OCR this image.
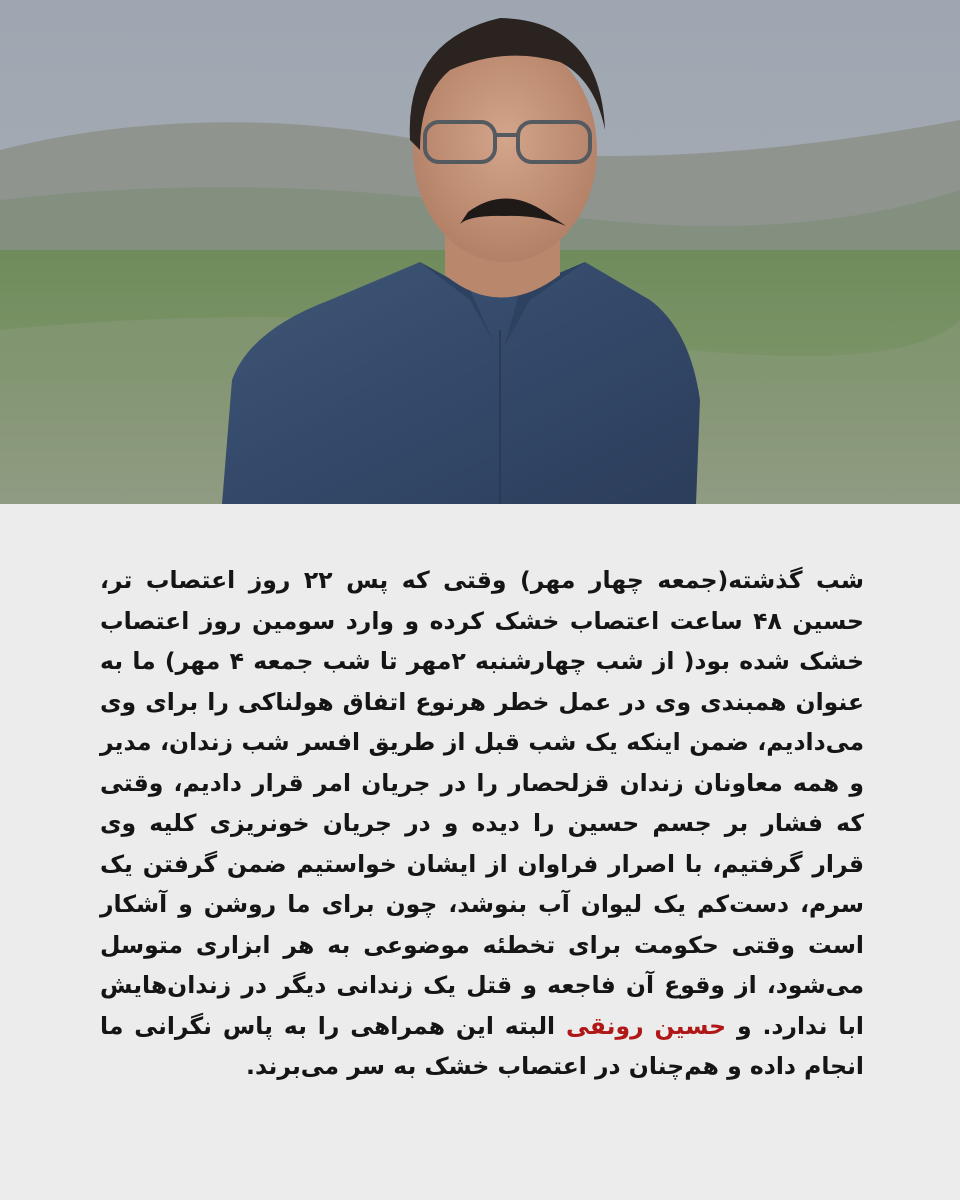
شب گذشته(جمعه چهار مهر) وقتی که پس ۲۲ روز اعتصاب تر، حسین ۴۸ ساعت اعتصاب خشک کرده و وارد سومین روز اعتصاب خشک شده بود( از شب چهارشنبه ۲مهر تا شب جمعه ۴ مهر) ما به عنوان همبندی وی در عمل خطر هرنوع اتفاق هولناکی را برای وی می‌دادیم، ضمن اینکه یک شب قبل از طریق افسر شب زندان، مدیر و همه معاونان زندان قزلحصار را در جریان امر قرار دادیم، وقتی که فشار بر جسم حسین را دیده و در جریان خونریزی کلیه وی قرار گرفتیم، با اصرار فراوان از ایشان خواستیم ضمن گرفتن یک سرم، دست‌کم یک لیوان آب بنوشد، چون برای ما روشن و آشکار است وقتی حکومت برای تخطئه موضوعی به هر ابزاری متوسل می‌شود، از وقوع آن فاجعه و قتل یک زندانی دیگر در زندان‌هایش ابا ندارد. و حسین رونقی البته این همراهی را به پاس نگرانی ما انجام داده و هم‌چنان در اعتصاب خشک به سر می‌برند.
